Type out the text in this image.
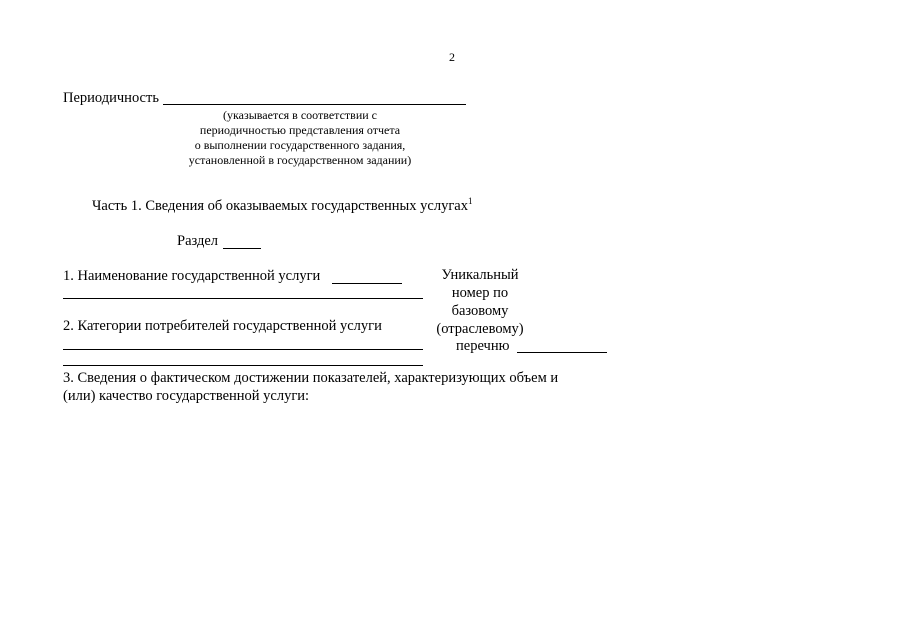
2
Периодичность
(указывается в соответствии с
периодичностью представления отчета
о выполнении государственного задания,
установленной в государственном задании)
Часть 1. Сведения об оказываемых государственных услугах$^1$
Раздел
1. Наименование государственной услуги
2. Категории потребителей государственной услуги
Уникальный
номер по
базовому
(отраслевому)
перечню
3. Сведения о фактическом достижении показателей, характеризующих объем и
(или) качество государственной услуги:
